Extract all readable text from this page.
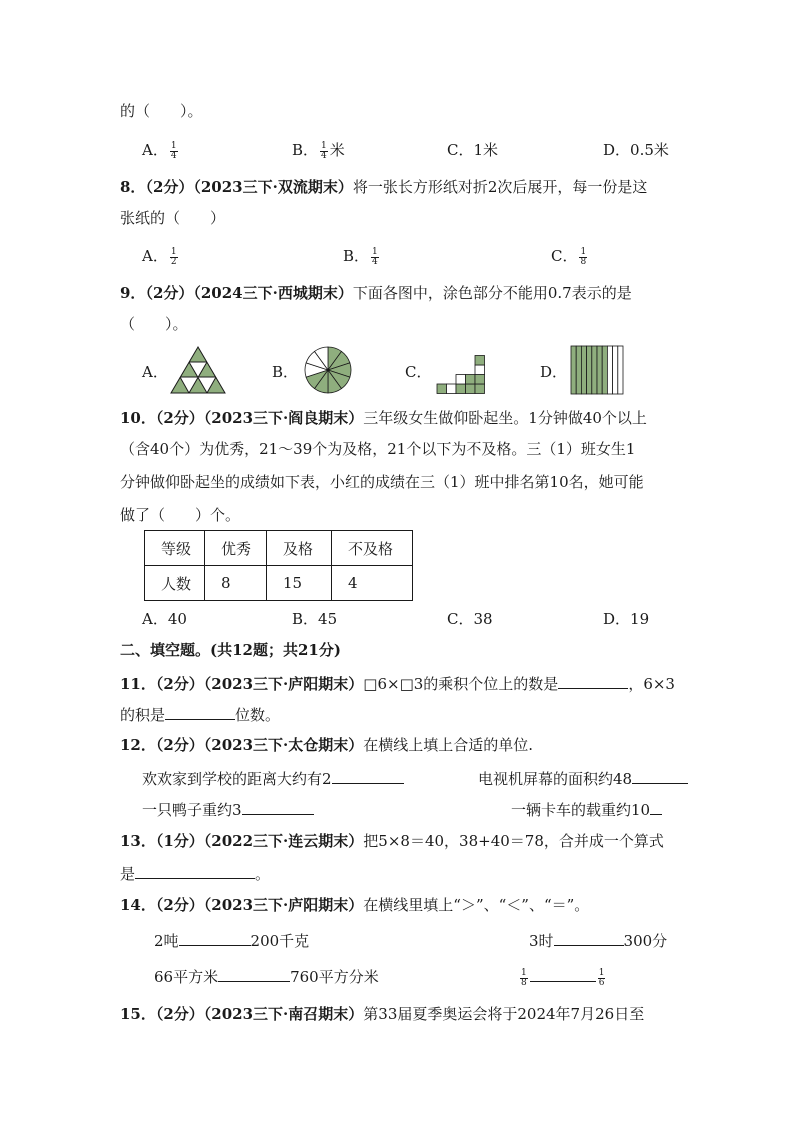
的（　　）。
A． $\frac{1}{4}$	B． $\frac{1}{4}$ 米	C．1米	D．0.5米
8．（2分）（2023三下·双流期末）将一张长方形纸对折2次后展开，每一份是这
张纸的（　　）
A． $\frac{1}{2}$	B． $\frac{1}{4}$	C． $\frac{1}{8}$
9．（2分）（2024三下·西城期末）下面各图中，涂色部分不能用0.7表示的是
（　　）。
A．	B．	C．	D．
10．（2分）（2023三下·阎良期末）三年级女生做仰卧起坐。1分钟做40个以上
（含40个）为优秀，21～39个为及格，21个以下为不及格。三（1）班女生1
分钟做仰卧起坐的成绩如下表，小红的成绩在三（1）班中排名第10名，她可能
做了（　　）个。
等级	优秀	及格	不及格
人数	8	15	4
A．40	B．45	C．38	D．19
二、填空题。(共12题；共21分)
11．（2分）（2023三下·庐阳期末）□6×□3的乘积个位上的数是	，6×3
的积是	位数。
12．（2分）（2023三下·太仓期末）在横线上填上合适的单位.
欢欢家到学校的距离大约有2	电视机屏幕的面积约48
一只鸭子重约3	一辆卡车的载重约10
13．（1分）（2022三下·连云期末）把5×8＝40，38+40＝78，合并成一个算式
是	。
14．（2分）（2023三下·庐阳期末）在横线里填上“＞”、“＜”、“＝”。
2吨	200千克	3时	300分
66平方米	760平方分米	$\frac{1}{8}$	$\frac{1}{6}$
15．（2分）（2023三下·南召期末）第33届夏季奥运会将于2024年7月26日至
